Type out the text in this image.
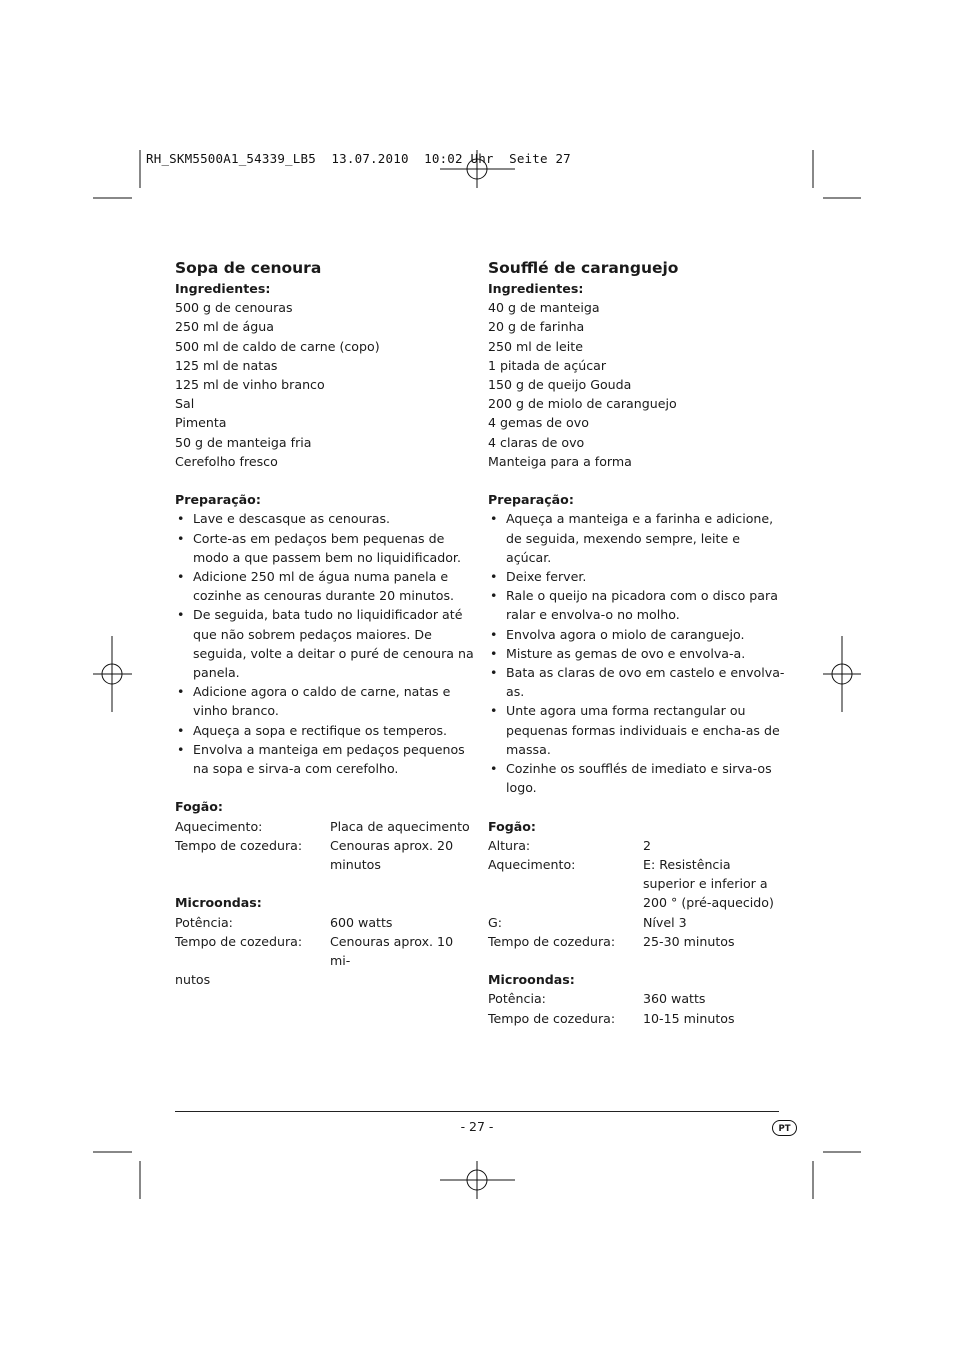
RH_SKM5500A1_54339_LB5  13.07.2010  10:02 Uhr  Seite 27
Sopa de cenoura
Ingredientes:
500 g de cenouras
250 ml de água
500 ml de caldo de carne (copo)
125 ml de natas
125 ml de vinho branco
Sal
Pimenta
50 g de manteiga fria
Cerefolho fresco
Preparação:
• Lave e descasque as cenouras.
• Corte-as em pedaços bem pequenas de modo a que passem bem no liquidificador.
• Adicione 250 ml de água numa panela e cozinhe as cenouras durante 20 minutos.
• De seguida, bata tudo no liquidificador até que não sobrem pedaços maiores. De seguida, volte a deitar o puré de cenoura na panela.
• Adicione agora o caldo de carne, natas e vinho branco.
• Aqueça a sopa e rectifique os temperos.
• Envolva a manteiga em pedaços pequenos na sopa e sirva-a com cerefolho.
Fogão:
Aquecimento:	Placa de aquecimento
Tempo de cozedura:	Cenouras aprox. 20 minutos
Microondas:
Potência:	600 watts
Tempo de cozedura:	Cenouras aprox. 10 mi-
nutos
Soufflé de caranguejo
Ingredientes:
40 g de manteiga
20 g de farinha
250 ml de leite
1 pitada de açúcar
150 g de queijo Gouda
200 g de miolo de caranguejo
4 gemas de ovo
4 claras de ovo
Manteiga para a forma
Preparação:
• Aqueça a manteiga e a farinha e adicione, de seguida, mexendo sempre, leite e açúcar.
• Deixe ferver.
• Rale o queijo na picadora com o disco para ralar e envolva-o no molho.
• Envolva agora o miolo de caranguejo.
• Misture as gemas de ovo e envolva-a.
• Bata as claras de ovo em castelo e envolva-as.
• Unte agora uma forma rectangular ou pequenas formas individuais e encha-as de massa.
• Cozinhe os soufflés de imediato e sirva-os logo.
Fogão:
Altura:	2
Aquecimento:	E: Resistência superior e inferior a 200 ° (pré-aquecido)
G:	Nível 3
Tempo de cozedura:	25-30 minutos
Microondas:
Potência:	360 watts
Tempo de cozedura:	10-15 minutos
- 27 -	PT
